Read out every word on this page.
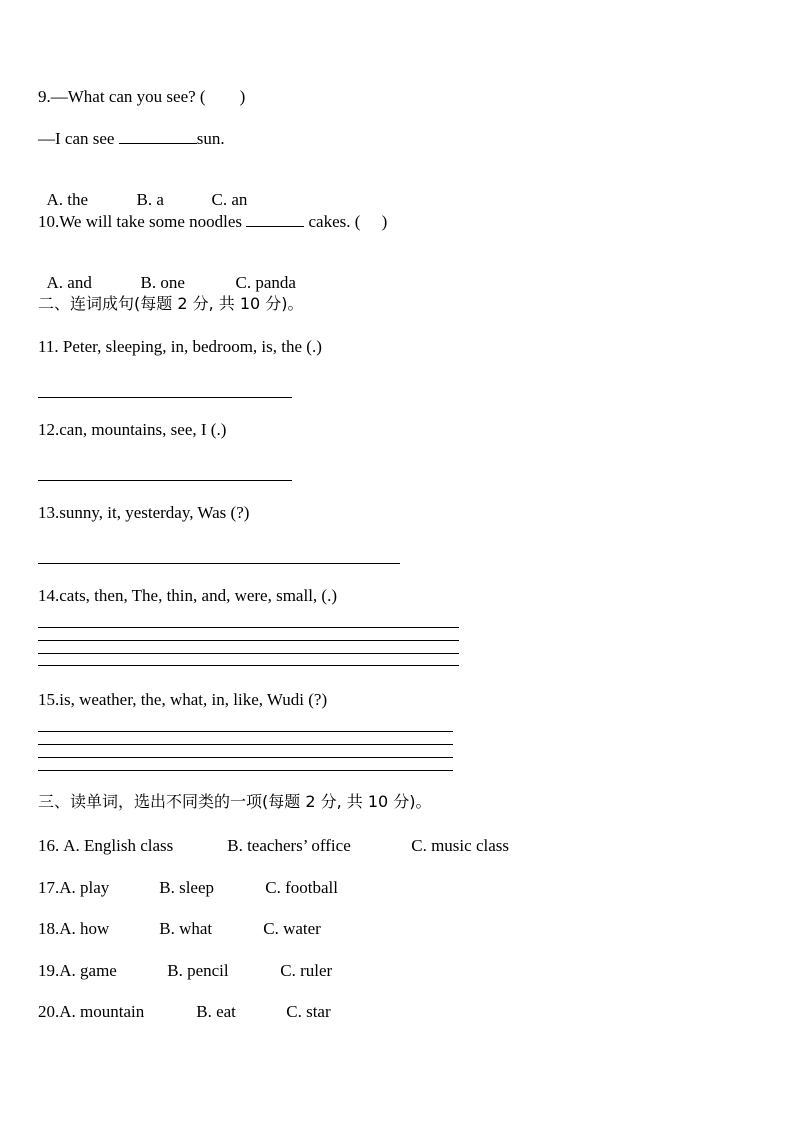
9.—What can you see? (        )
—I can see	sun.

A. the	B. a	C. an

10.We will take some noodles	cakes. (     )

A. and	B. one	C. panda

二、连词成句(每题 2 分, 共 10 分)。
11. Peter, sleeping, in, bedroom, is, the (.)
12.can, mountains, see, I (.)
13.sunny, it, yesterday, Was (?)
14.cats, then, The, thin, and, were, small, (.)
15.is, weather, the, what, in, like, Wudi (?)
三、读单词，选出不同类的一项(每题 2 分, 共 10 分)。
16. A. English class	B. teachers’ office	C. music class
17.A. play	B. sleep	C. football
18.A. how	B. what	C. water
19.A. game	B. pencil	C. ruler
20.A. mountain	B. eat	C. star
